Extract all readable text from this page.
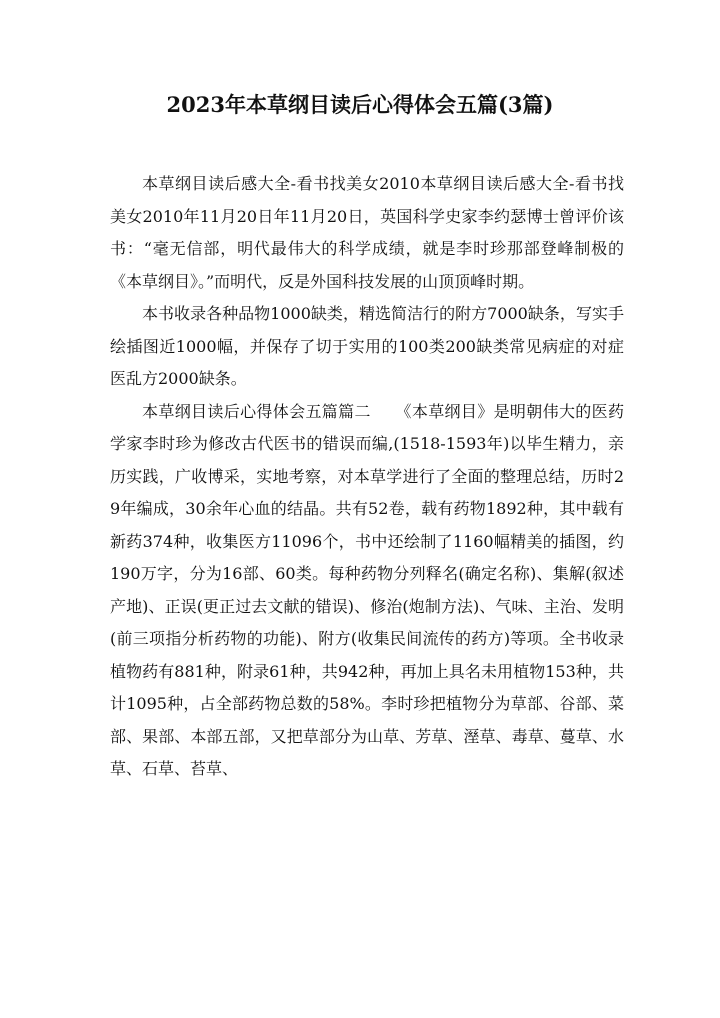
2023年本草纲目读后心得体会五篇(3篇)

本草纲目读后感大全-看书找美女2010本草纲目读后感大全-看书找美女2010年11月20日年11月20日，英国科学史家李约瑟博士曾评价该书：“毫无信部，明代最伟大的科学成绩，就是李时珍那部登峰制极的《本草纲目》。”而明代，反是外国科技发展的山顶顶峰时期。

本书收录各种品物1000缺类，精选简洁行的附方7000缺条，写实手绘插图近1000幅，并保存了切于实用的100类200缺类常见病症的对症医乱方2000缺条。

本草纲目读后心得体会五篇篇二　　《本草纲目》是明朝伟大的医药学家李时珍为修改古代医书的错误而编,(1518-1593年)以毕生精力，亲历实践，广收博采，实地考察，对本草学进行了全面的整理总结，历时29年编成，30余年心血的结晶。共有52卷，载有药物1892种，其中载有新药374种，收集医方11096个，书中还绘制了1160幅精美的插图，约190万字，分为16部、60类。每种药物分列释名(确定名称)、集解(叙述产地)、正误(更正过去文献的错误)、修治(炮制方法)、气味、主治、发明(前三项指分析药物的功能)、附方(收集民间流传的药方)等项。全书收录植物药有881种，附录61种，共942种，再加上具名未用植物153种，共计1095种，占全部药物总数的58%。李时珍把植物分为草部、谷部、菜部、果部、本部五部，又把草部分为山草、芳草、溼草、毒草、蔓草、水草、石草、苔草、
